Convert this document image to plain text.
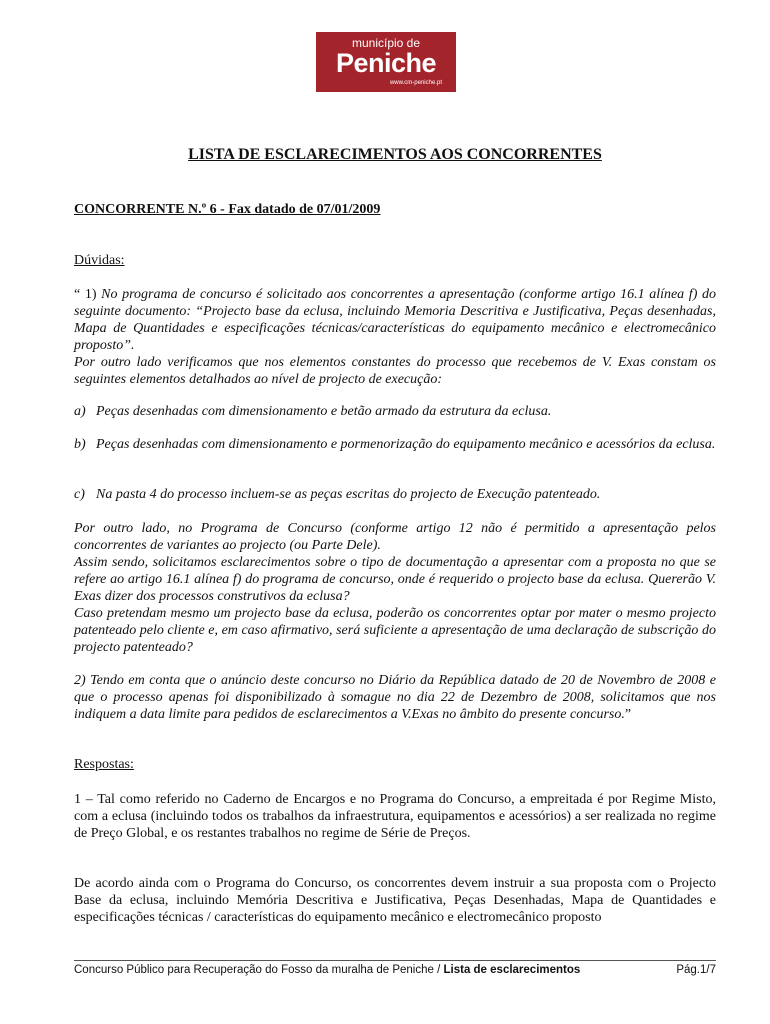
município de
Peniche
www.cm-peniche.pt
LISTA DE ESCLARECIMENTOS AOS CONCORRENTES
CONCORRENTE N.º 6 - Fax datado de 07/01/2009
Dúvidas:

“ 1) No programa de concurso é solicitado aos concorrentes a apresentação (conforme artigo 16.1 alínea f) do seguinte documento: “Projecto base da eclusa, incluindo Memoria Descritiva e Justificativa, Peças desenhadas, Mapa de Quantidades e especificações técnicas/características do equipamento mecânico e electromecânico proposto”.

Por outro lado verificamos que nos elementos constantes do processo que recebemos de V. Exas constam os seguintes elementos detalhados ao nível de projecto de execução:

a) Peças desenhadas com dimensionamento e betão armado da estrutura da eclusa.

b) Peças desenhadas com dimensionamento e pormenorização do equipamento mecânico e acessórios da eclusa.

c) Na pasta 4 do processo incluem-se as peças escritas do projecto de Execução patenteado.

Por outro lado, no Programa de Concurso (conforme artigo 12 não é permitido a apresentação pelos concorrentes de variantes ao projecto (ou Parte Dele).

Assim sendo, solicitamos esclarecimentos sobre o tipo de documentação a apresentar com a proposta no que se refere ao artigo 16.1 alínea f) do programa de concurso, onde é requerido o projecto base da eclusa. Quererão V. Exas dizer dos processos construtivos da eclusa?

Caso pretendam mesmo um projecto base da eclusa, poderão os concorrentes optar por mater o mesmo projecto patenteado pelo cliente e, em caso afirmativo, será suficiente a apresentação de uma declaração de subscrição do projecto patenteado?

2) Tendo em conta que o anúncio deste concurso no Diário da República datado de 20 de Novembro de 2008 e que o processo apenas foi disponibilizado à somague no dia 22 de Dezembro de 2008, solicitamos que nos indiquem a data limite para pedidos de esclarecimentos a V.Exas no âmbito do presente concurso.”

Respostas:

1 – Tal como referido no Caderno de Encargos e no Programa do Concurso, a empreitada é por Regime Misto, com a eclusa (incluindo todos os trabalhos da infraestrutura, equipamentos e acessórios) a ser realizada no regime de Preço Global, e os restantes trabalhos no regime de Série de Preços.

De acordo ainda com o Programa do Concurso, os concorrentes devem instruir a sua proposta com o Projecto Base da eclusa, incluindo Memória Descritiva e Justificativa, Peças Desenhadas, Mapa de Quantidades e especificações técnicas / características do equipamento mecânico e electromecânico proposto

Concurso Público para Recuperação do Fosso da muralha de Peniche / Lista de esclarecimentos	Pág.1/7
